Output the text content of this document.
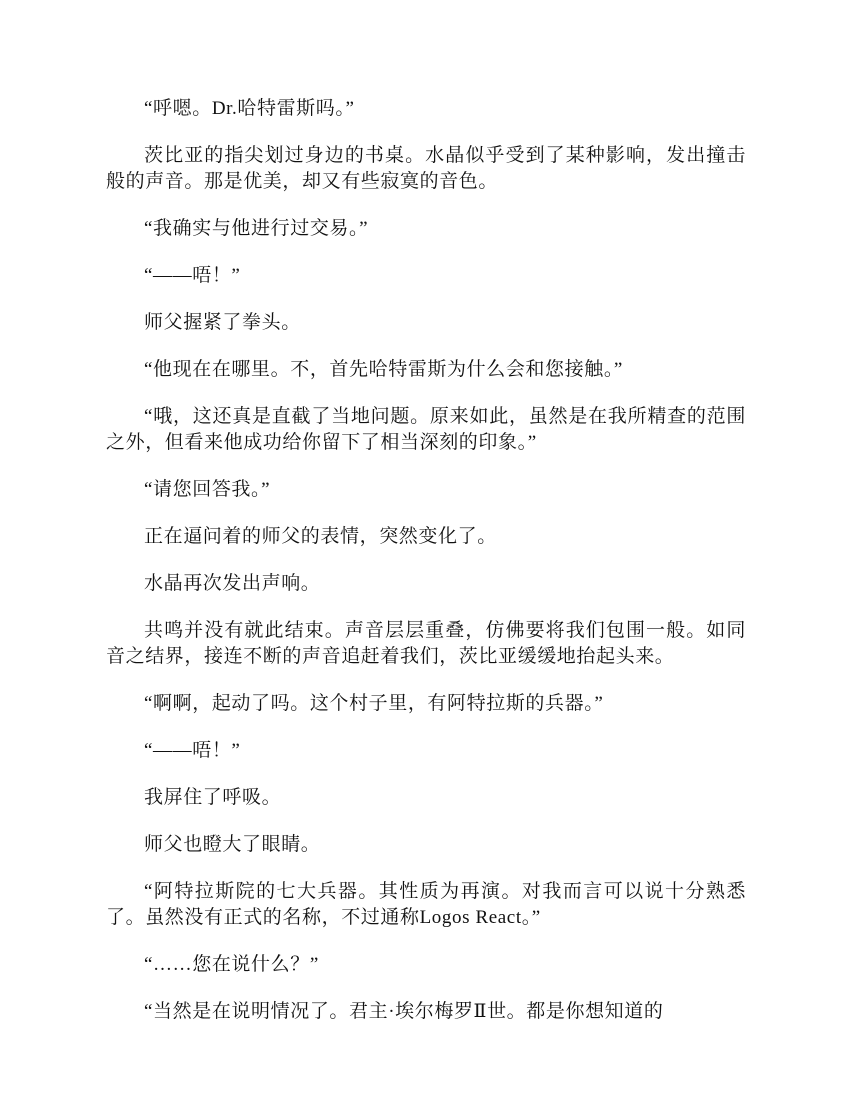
“呼嗯。Dr.哈特雷斯吗。”

茨比亚的指尖划过身边的书桌。水晶似乎受到了某种影响，发出撞击般的声音。那是优美，却又有些寂寞的音色。

“我确实与他进行过交易。”

“——唔！”

师父握紧了拳头。

“他现在在哪里。不，首先哈特雷斯为什么会和您接触。”

“哦，这还真是直截了当地问题。原来如此，虽然是在我所精查的范围之外，但看来他成功给你留下了相当深刻的印象。”

“请您回答我。”

正在逼问着的师父的表情，突然变化了。

水晶再次发出声响。

共鸣并没有就此结束。声音层层重叠，仿佛要将我们包围一般。如同音之结界，接连不断的声音追赶着我们，茨比亚缓缓地抬起头来。

“啊啊，起动了吗。这个村子里，有阿特拉斯的兵器。”

“——唔！”

我屏住了呼吸。

师父也瞪大了眼睛。

“阿特拉斯院的七大兵器。其性质为再演。对我而言可以说十分熟悉了。虽然没有正式的名称，不过通称Logos React。”

“……您在说什么？”

“当然是在说明情况了。君主·埃尔梅罗Ⅱ世。都是你想知道的
